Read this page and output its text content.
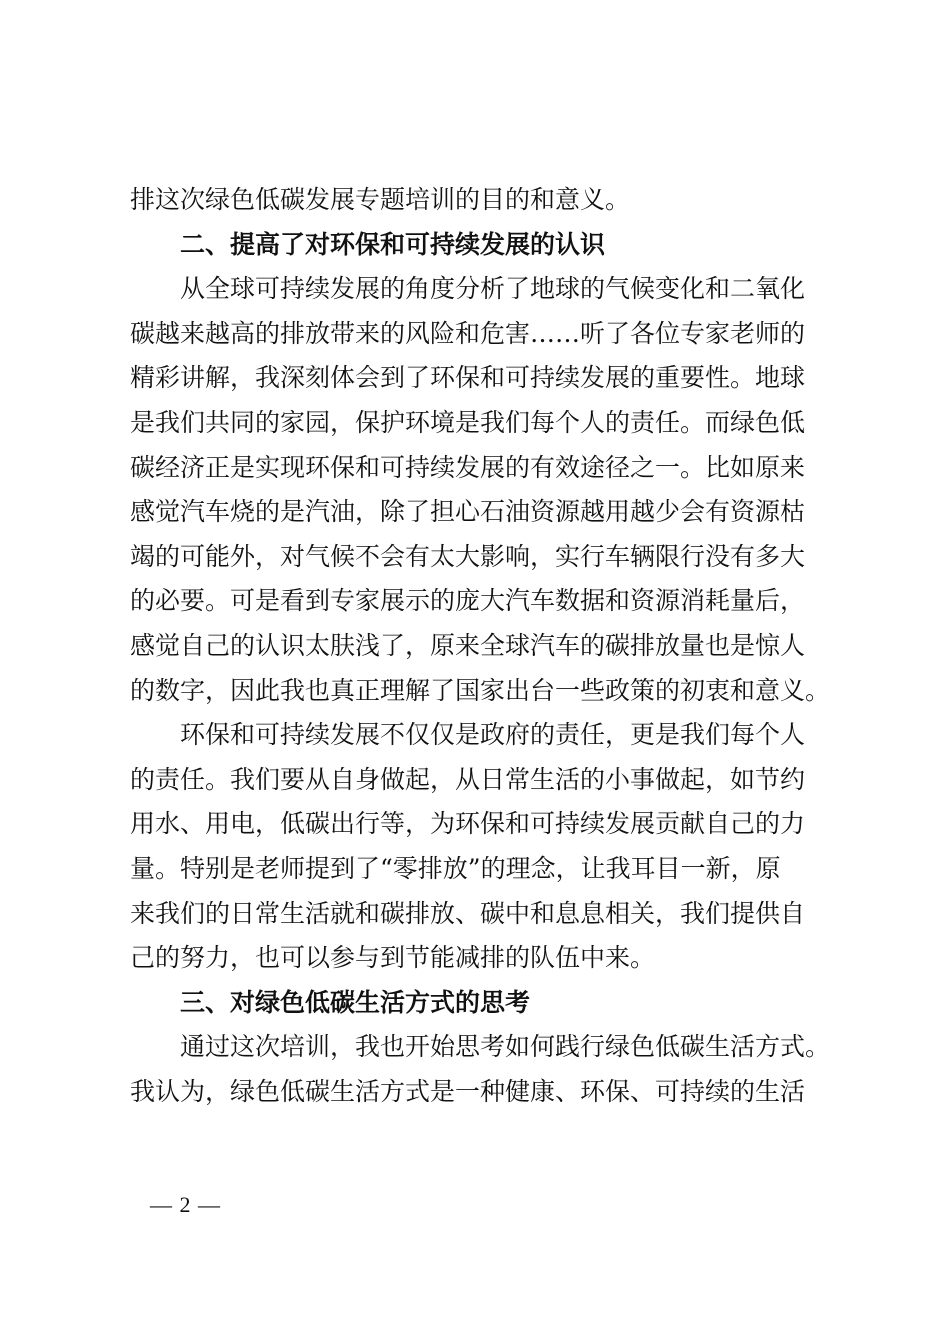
排这次绿色低碳发展专题培训的目的和意义。
二、提高了对环保和可持续发展的认识
从全球可持续发展的角度分析了地球的气候变化和二氧化
碳越来越高的排放带来的风险和危害……听了各位专家老师的
精彩讲解，我深刻体会到了环保和可持续发展的重要性。地球
是我们共同的家园，保护环境是我们每个人的责任。而绿色低
碳经济正是实现环保和可持续发展的有效途径之一。比如原来
感觉汽车烧的是汽油，除了担心石油资源越用越少会有资源枯
竭的可能外，对气候不会有太大影响，实行车辆限行没有多大
的必要。可是看到专家展示的庞大汽车数据和资源消耗量后，
感觉自己的认识太肤浅了，原来全球汽车的碳排放量也是惊人
的数字，因此我也真正理解了国家出台一些政策的初衷和意义。
环保和可持续发展不仅仅是政府的责任，更是我们每个人
的责任。我们要从自身做起，从日常生活的小事做起，如节约
用水、用电，低碳出行等，为环保和可持续发展贡献自己的力
量。特别是老师提到了“零排放”的理念，让我耳目一新，原
来我们的日常生活就和碳排放、碳中和息息相关，我们提供自
己的努力，也可以参与到节能减排的队伍中来。
三、对绿色低碳生活方式的思考
通过这次培训，我也开始思考如何践行绿色低碳生活方式。
我认为，绿色低碳生活方式是一种健康、环保、可持续的生活
— 2 —
